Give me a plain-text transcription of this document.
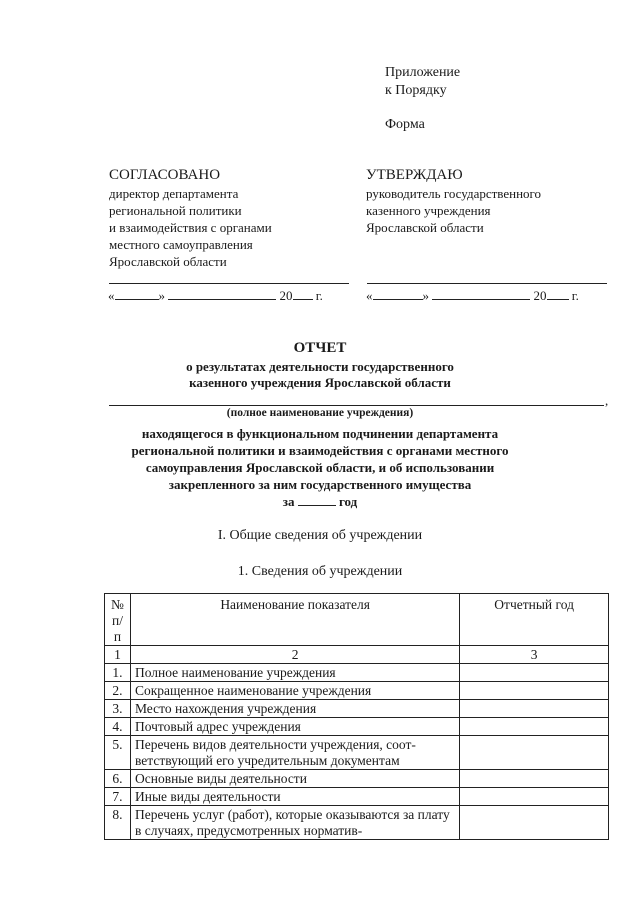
Приложение
к Порядку
Форма
СОГЛАСОВАНО
директор департамента
региональной политики
и взаимодействия с органами
местного самоуправления
Ярославской области
«	»	20 г.
УТВЕРЖДАЮ
руководитель государственного
казенного учреждения
Ярославской области
«	»	20 г.
ОТЧЕТ
о результатах деятельности государственного
казенного учреждения Ярославской области
,
(полное наименование учреждения)
находящегося в функциональном подчинении департамента
региональной политики и взаимодействия с органами местного
самоуправления Ярославской области, и об использовании
закрепленного за ним государственного имущества
за	год
I. Общие сведения об учреждении
1. Сведения об учреждении
№
п/п	Наименование показателя	Отчетный год
1	2	3
1.	Полное наименование учреждения	
2.	Сокращенное наименование учреждения	
3.	Место нахождения учреждения	
4.	Почтовый адрес учреждения	
5.	Перечень видов деятельности учреждения, соот-ветствующий его учредительным документам	
6.	Основные виды деятельности	
7.	Иные виды деятельности	
8.	Перечень услуг (работ), которые оказываются за плату в случаях, предусмотренных норматив-	
